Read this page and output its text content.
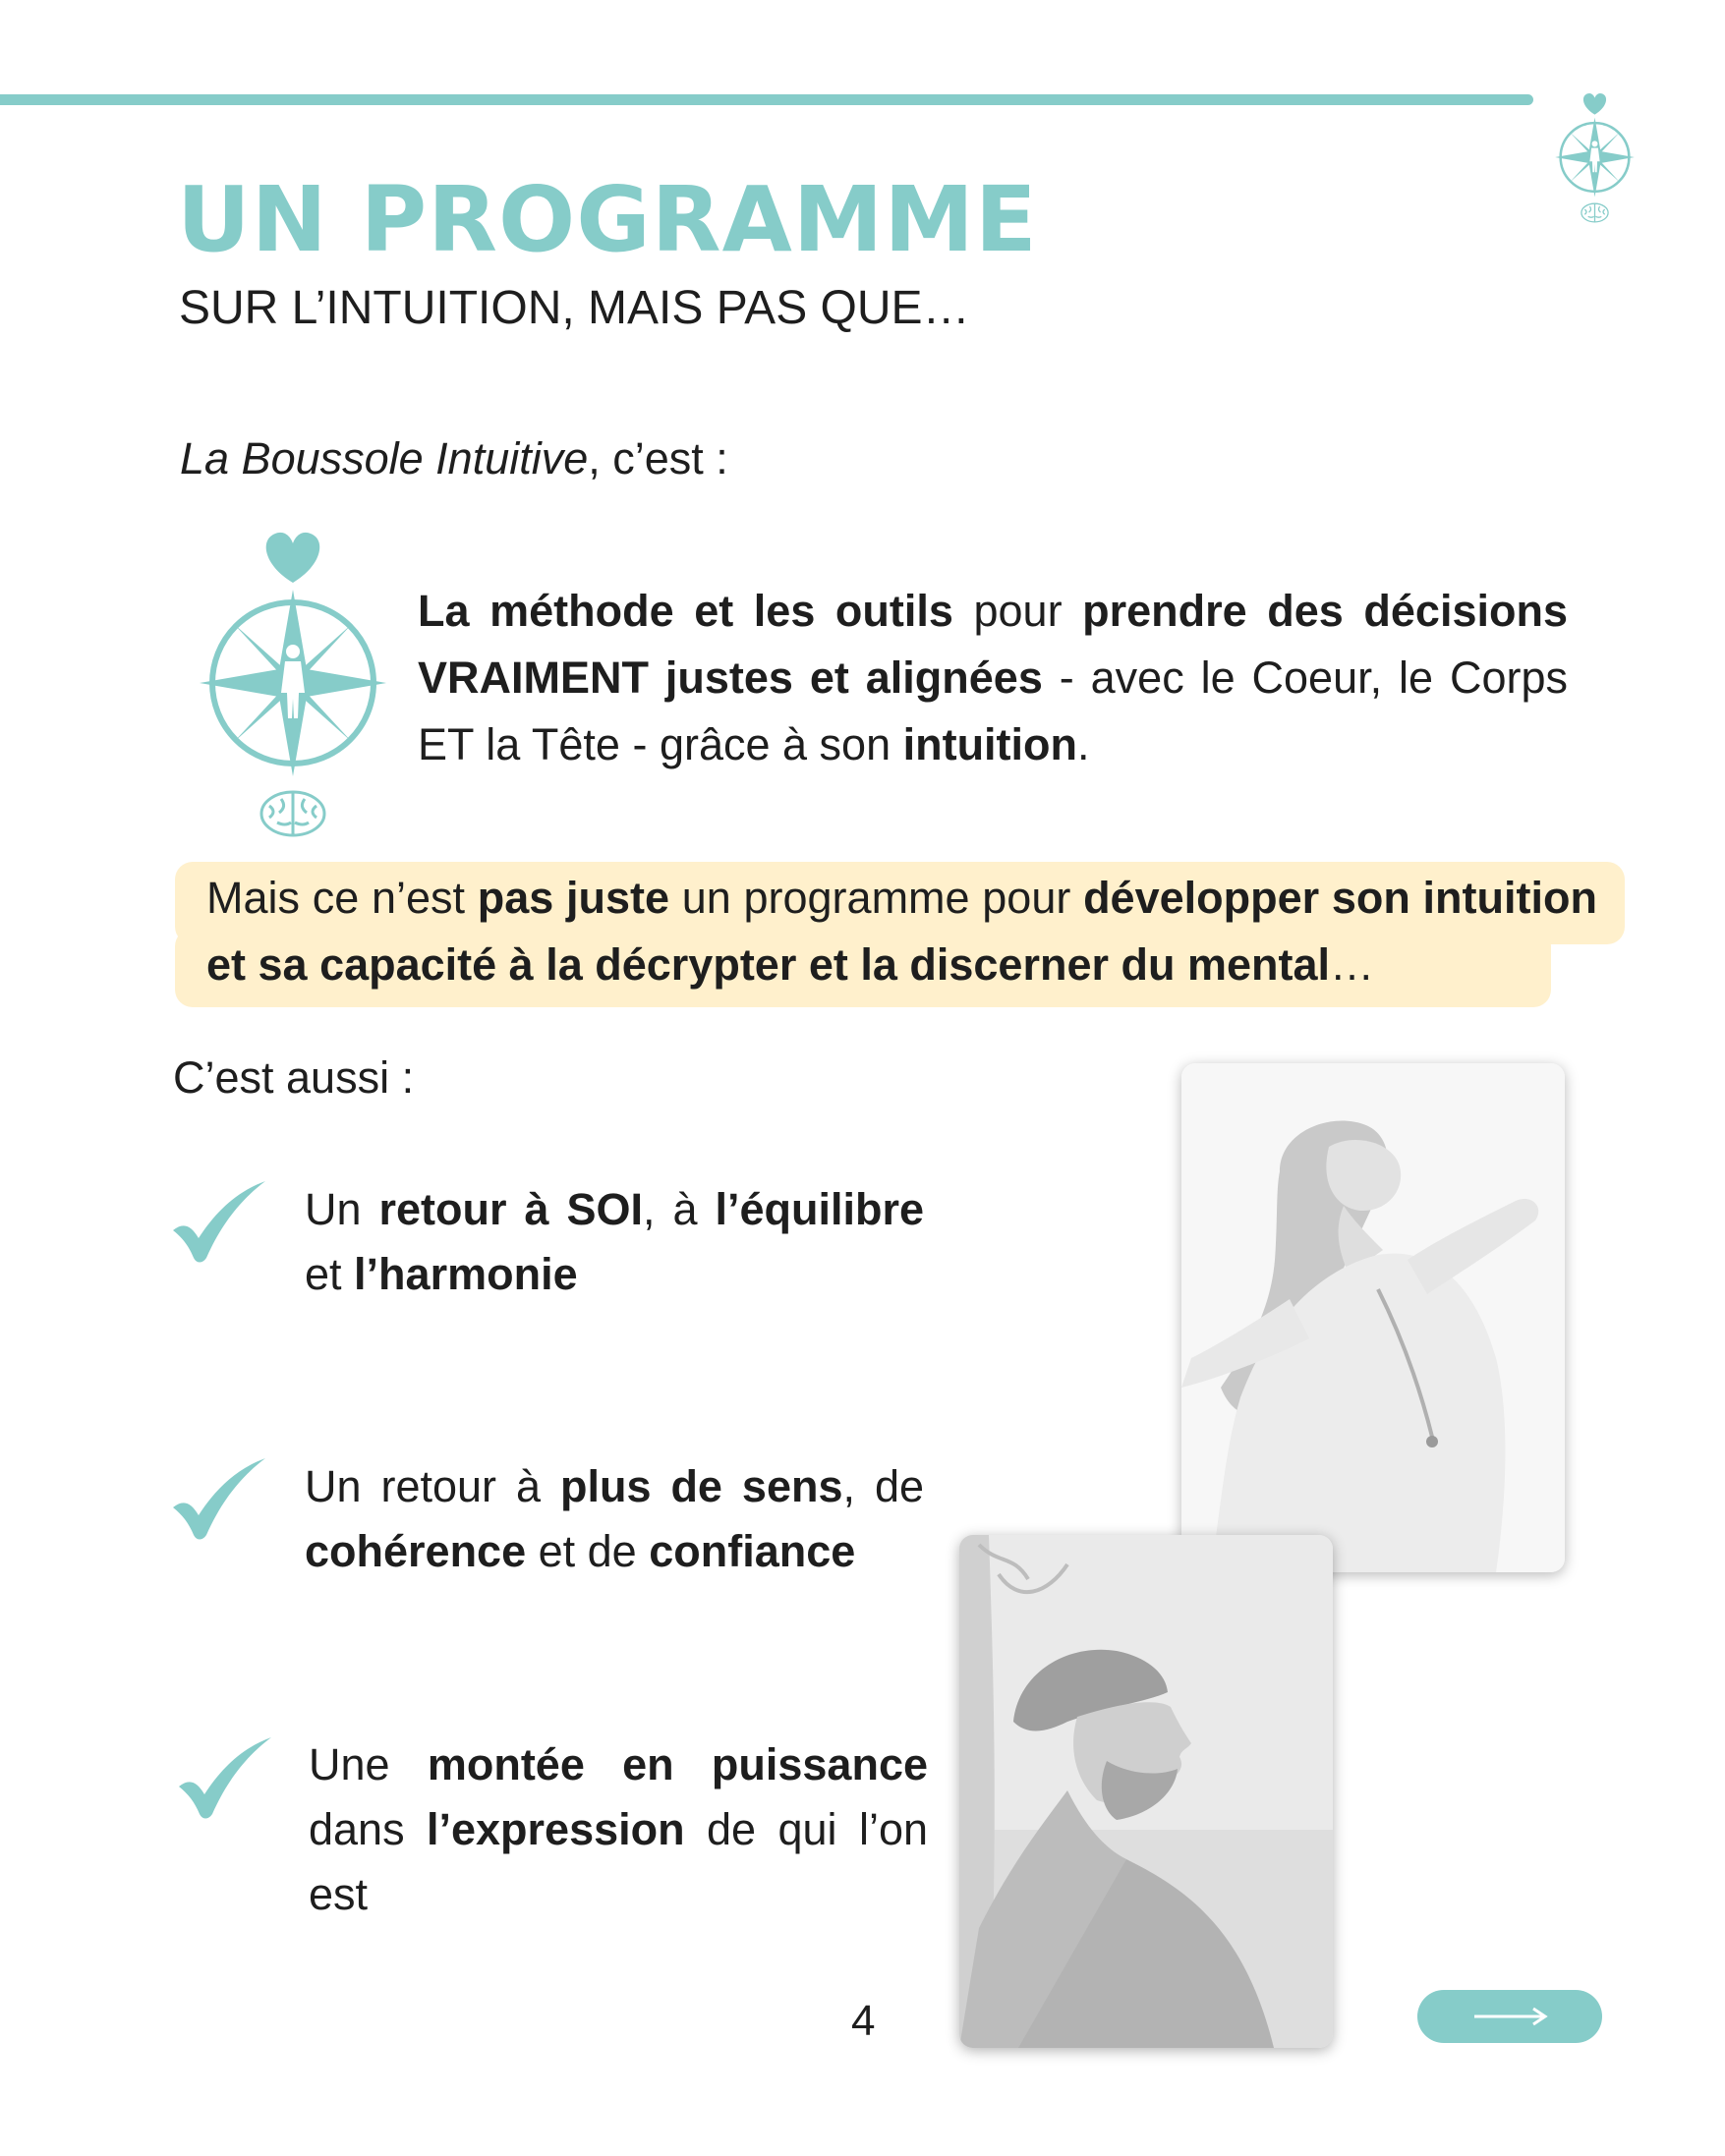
UN PROGRAMME
SUR L’INTUITION, MAIS PAS QUE…
La Boussole Intuitive, c’est :
La méthode et les outils pour prendre des décisions VRAIMENT justes et alignées - avec le Coeur, le Corps ET la Tête - grâce à son intuition.
Mais ce n’est pas juste un programme pour développer son intuition et sa capacité à la décrypter et la discerner du mental…
C’est aussi :
Un retour à SOI, à l’équilibre et l’harmonie
Un retour à plus de sens, de cohérence et de confiance
Une montée en puissance dans l’expression de qui l’on est
4
